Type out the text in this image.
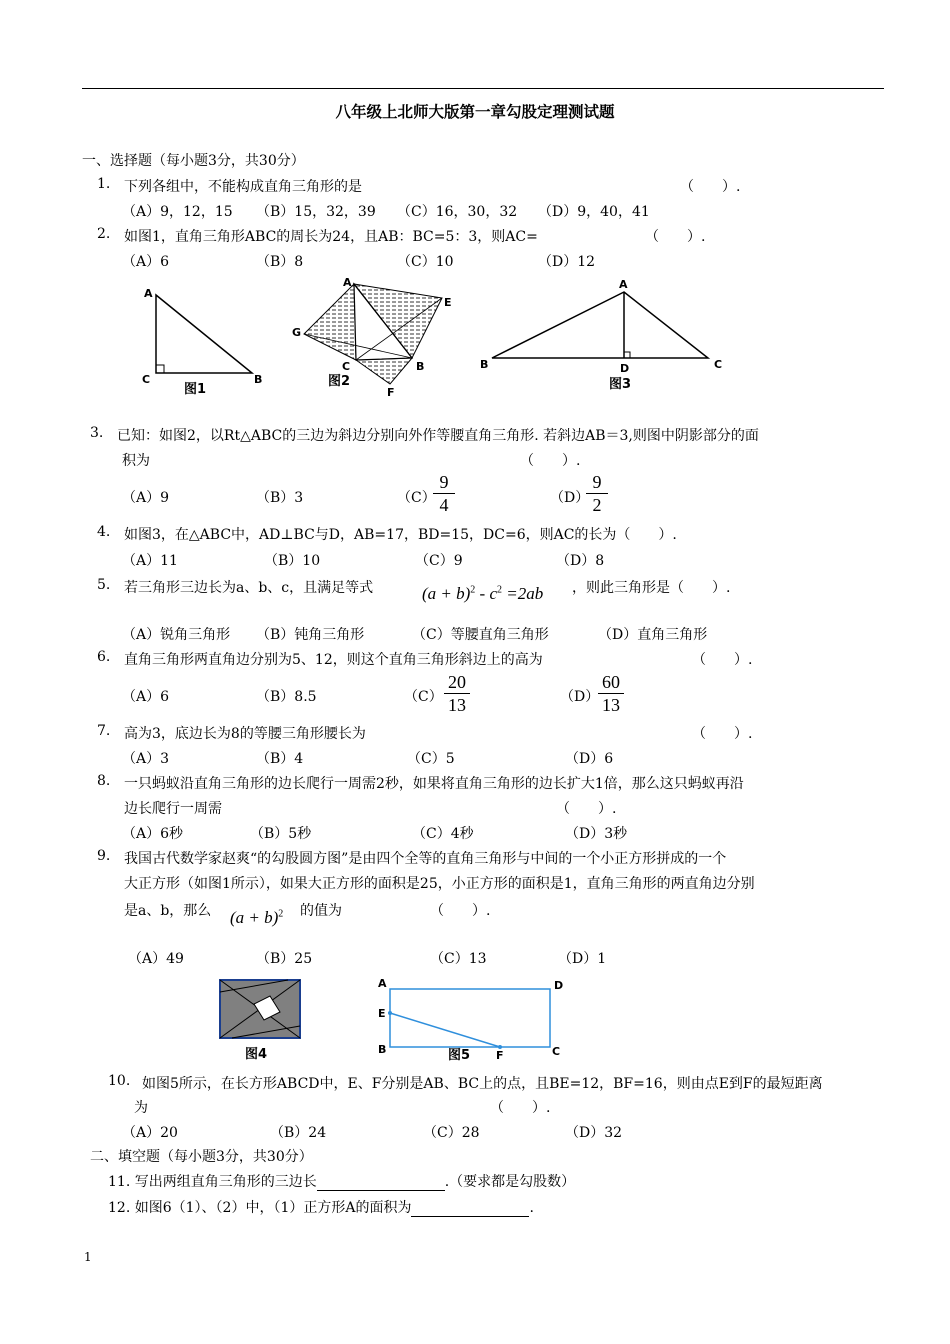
八年级上北师大版第一章勾股定理测试题
一、选择题（每小题3分，共30分）
1. 下列各组中，不能构成直角三角形的是	（　　）.
（A）9，12，15 （B）15，32，39 （C）16，30，32 （D）9，40，41
2. 如图1，直角三角形ABC的周长为24，且AB：BC=5：3，则AC=	（　　）.
（A）6	（B）8	（C）10	（D）12
A
C	B
图1
A
E
G
C	B
F
图2
A
B	C
D
图3
3. 已知：如图2，以Rt△ABC的三边为斜边分别向外作等腰直角三角形. 若斜边AB＝3,则图中阴影部分的面
积为	（　　）.
（A）9	（B）3	（C）
9
4	（D）
9
2
4. 如图3，在△ABC中，AD⊥BC与D，AB=17，BD=15，DC=6，则AC的长为（　　）.
（A）11	（B）10	（C）9	（D）8
5. 若三角形三边长为a、b、c，且满足等式	$(a + b)^2 - c^2 =2ab$ ，则此三角形是（　　）.
（A）锐角三角形 （B）钝角三角形	（C）等腰直角三角形	（D）直角三角形
6. 直角三角形两直角边分别为5、12，则这个直角三角形斜边上的高为	（　　）.
（A）6	（B）8.5	（C）
20
13	（D）
60
13
7. 高为3，底边长为8的等腰三角形腰长为	（　　）.
（A）3	（B）4	（C）5	（D）6
8. 一只蚂蚁沿直角三角形的边长爬行一周需2秒，如果将直角三角形的边长扩大1倍，那么这只蚂蚁再沿
边长爬行一周需	（　　）.
（A）6秒	（B）5秒	（C）4秒	（D）3秒
9. 我国古代数学家赵爽“的勾股圆方图”是由四个全等的直角三角形与中间的一个小正方形拼成的一个
大正方形（如图1所示），如果大正方形的面积是25，小正方形的面积是1，直角三角形的两直角边分别
是a、b，那么 $(a + b)^2$ 的值为	（　　）.
（A）49	（B）25	（C）13	（D）1
图4
A	D
E
B	F	C
图5
10. 如图5所示，在长方形ABCD中，E、F分别是AB、BC上的点，且BE=12，BF=16，则由点E到F的最短距离
为	（　　）.
（A）20	（B）24	（C）28	（D）32
二、填空题（每小题3分，共30分）
11. 写出两组直角三角形的三边长	.（要求都是勾股数）
12. 如图6（1）、（2）中，（1）正方形A的面积为	.
1
